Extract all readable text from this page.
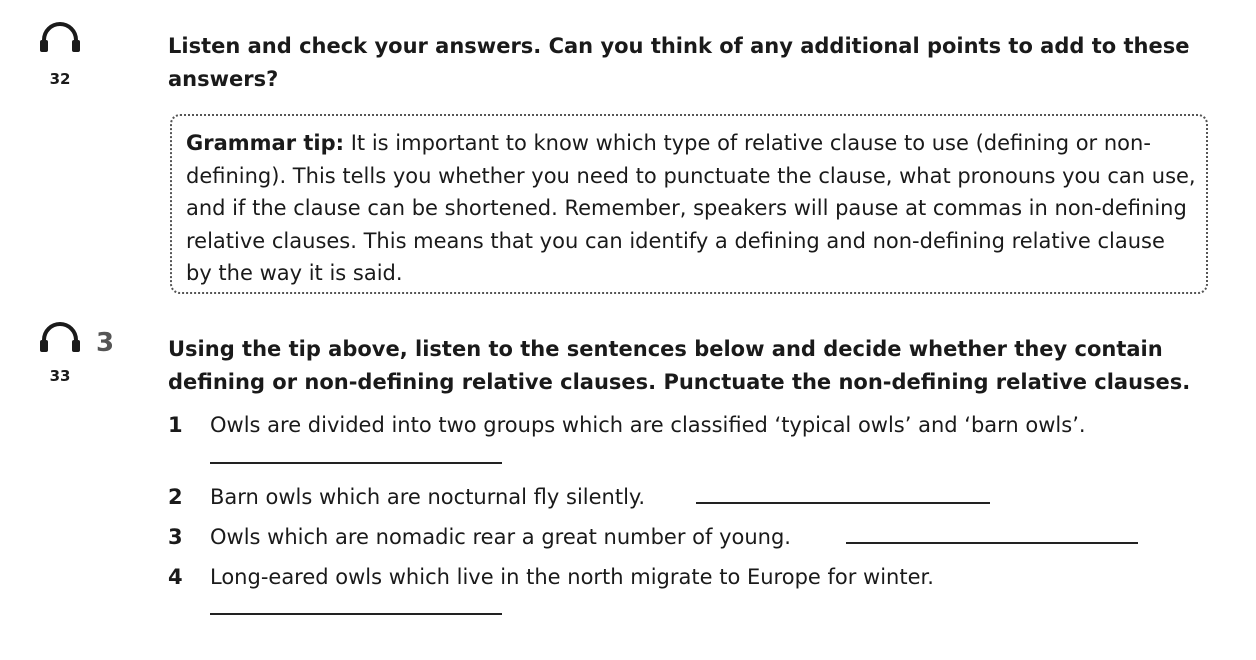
32
Listen and check your answers. Can you think of any additional points to add to these answers?
Grammar tip: It is important to know which type of relative clause to use (defining or non-defining). This tells you whether you need to punctuate the clause, what pronouns you can use, and if the clause can be shortened. Remember, speakers will pause at commas in non-defining relative clauses. This means that you can identify a defining and non-defining relative clause by the way it is said.
33
3	Using the tip above, listen to the sentences below and decide whether they contain defining or non-defining relative clauses. Punctuate the non-defining relative clauses.
1 Owls are divided into two groups which are classified ‘typical owls’ and ‘barn owls’.
2 Barn owls which are nocturnal fly silently.
3 Owls which are nomadic rear a great number of young.
4 Long-eared owls which live in the north migrate to Europe for winter.
